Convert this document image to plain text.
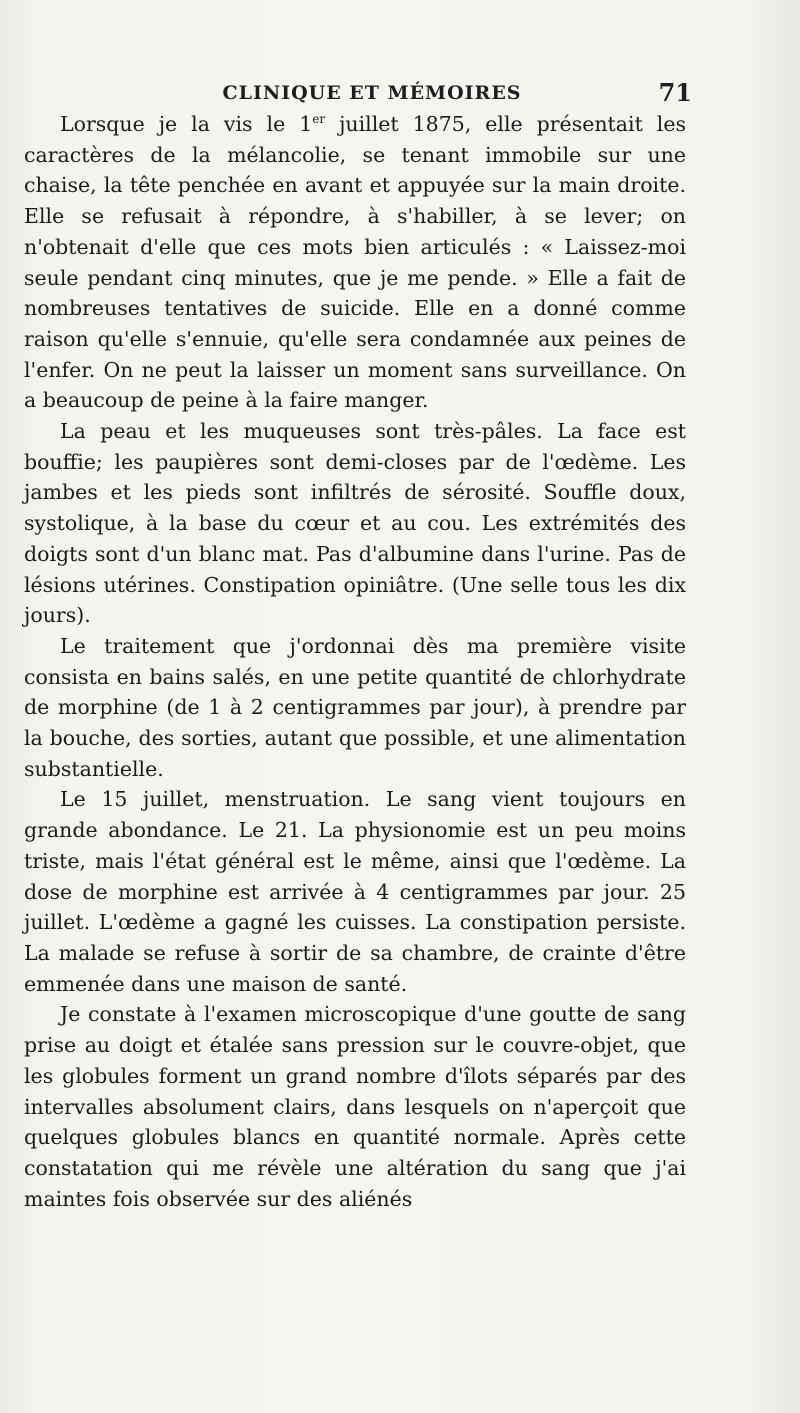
CLINIQUE ET MÉMOIRES	71

Lorsque je la vis le 1er juillet 1875, elle présentait les caractères de la mélancolie, se tenant immobile sur une chaise, la tête penchée en avant et appuyée sur la main droite. Elle se refusait à répondre, à s'habiller, à se lever; on n'obtenait d'elle que ces mots bien articulés : « Laissez-moi seule pendant cinq minutes, que je me pende. » Elle a fait de nombreuses tentatives de suicide. Elle en a donné comme raison qu'elle s'ennuie, qu'elle sera condamnée aux peines de l'enfer. On ne peut la laisser un moment sans surveillance. On a beaucoup de peine à la faire manger.

La peau et les muqueuses sont très-pâles. La face est bouffie; les paupières sont demi-closes par de l'œdème. Les jambes et les pieds sont infiltrés de sérosité. Souffle doux, systolique, à la base du cœur et au cou. Les extrémités des doigts sont d'un blanc mat. Pas d'albumine dans l'urine. Pas de lésions utérines. Constipation opiniâtre. (Une selle tous les dix jours).

Le traitement que j'ordonnai dès ma première visite consista en bains salés, en une petite quantité de chlorhydrate de morphine (de 1 à 2 centigrammes par jour), à prendre par la bouche, des sorties, autant que possible, et une alimentation substantielle.

Le 15 juillet, menstruation. Le sang vient toujours en grande abondance. Le 21. La physionomie est un peu moins triste, mais l'état général est le même, ainsi que l'œdème. La dose de morphine est arrivée à 4 centigrammes par jour. 25 juillet. L'œdème a gagné les cuisses. La constipation persiste. La malade se refuse à sortir de sa chambre, de crainte d'être emmenée dans une maison de santé.

Je constate à l'examen microscopique d'une goutte de sang prise au doigt et étalée sans pression sur le couvre-objet, que les globules forment un grand nombre d'îlots séparés par des intervalles absolument clairs, dans lesquels on n'aperçoit que quelques globules blancs en quantité normale. Après cette constatation qui me révèle une altération du sang que j'ai maintes fois observée sur des aliénés
